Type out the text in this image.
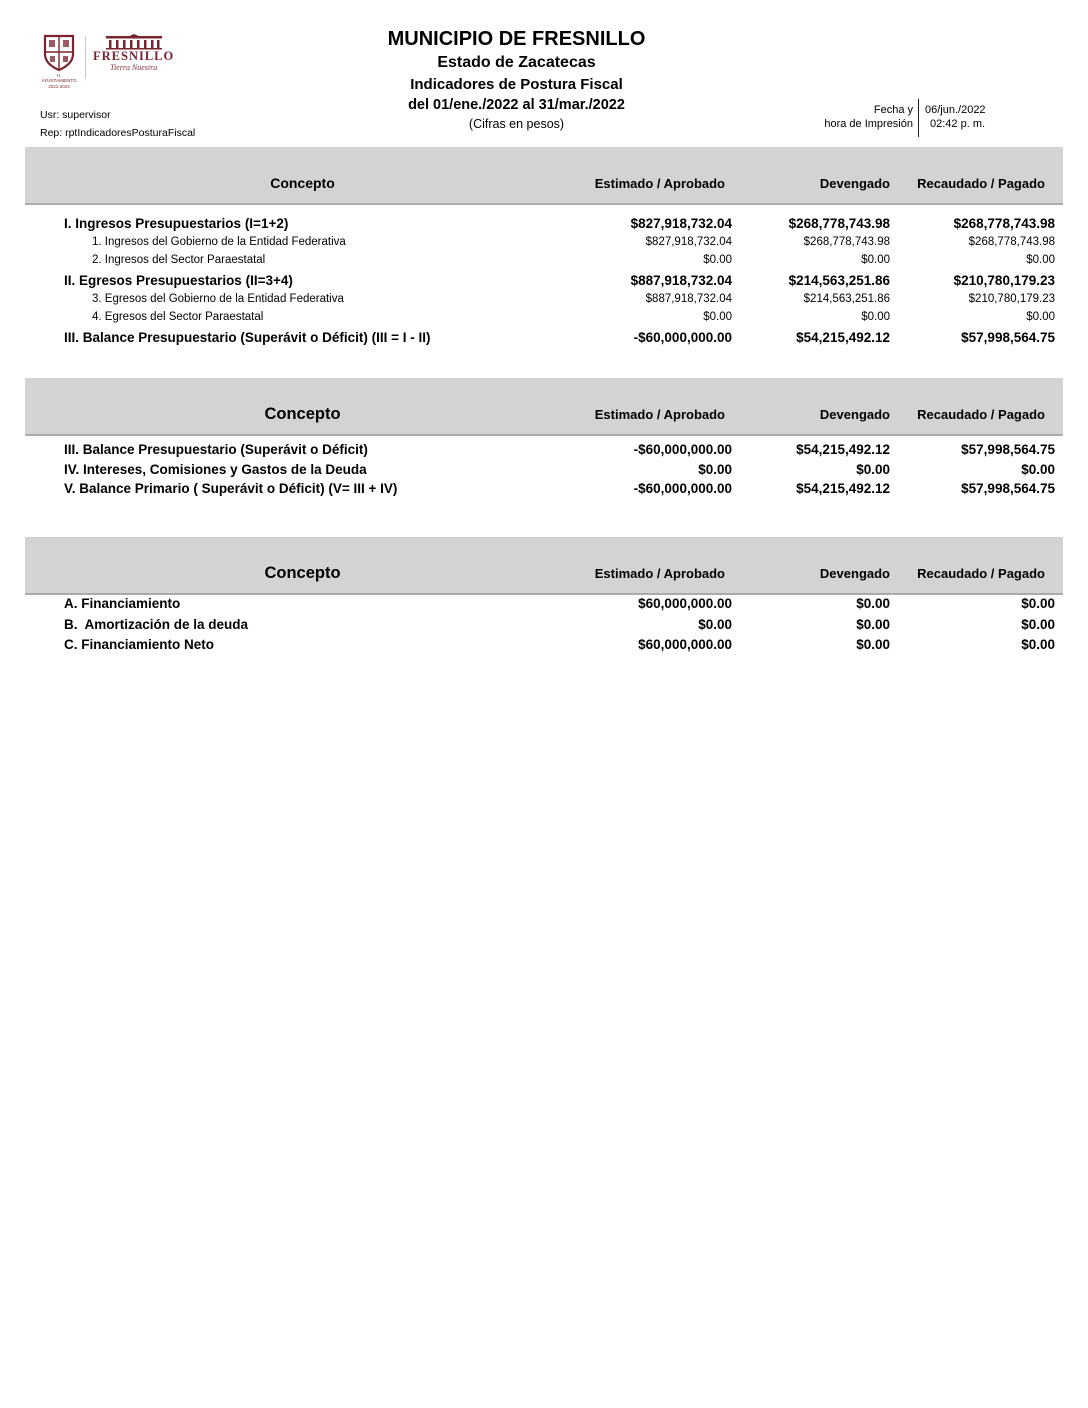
H. AYUNTAMIENTO
2021-2024
FRESNILLO
Tierra Nuestra
MUNICIPIO DE FRESNILLO
Estado de Zacatecas
Indicadores de Postura Fiscal
del 01/ene./2022 al 31/mar./2022
(Cifras en pesos)
Usr: supervisor
Rep: rptIndicadoresPosturaFiscal
Fecha y
hora de Impresión
06/jun./2022
02:42 p. m.
Concepto	Estimado / Aprobado	Devengado	Recaudado / Pagado
I. Ingresos Presupuestarios (I=1+2)	$827,918,732.04	$268,778,743.98	$268,778,743.98
1. Ingresos del Gobierno de la Entidad Federativa	$827,918,732.04	$268,778,743.98	$268,778,743.98
2. Ingresos del Sector Paraestatal	$0.00	$0.00	$0.00
II. Egresos Presupuestarios (II=3+4)	$887,918,732.04	$214,563,251.86	$210,780,179.23
3. Egresos del Gobierno de la Entidad Federativa	$887,918,732.04	$214,563,251.86	$210,780,179.23
4. Egresos del Sector Paraestatal	$0.00	$0.00	$0.00
III. Balance Presupuestario (Superávit o Déficit) (III = I - II)	-$60,000,000.00	$54,215,492.12	$57,998,564.75
Concepto	Estimado / Aprobado	Devengado	Recaudado / Pagado
III. Balance Presupuestario (Superávit o Déficit)	-$60,000,000.00	$54,215,492.12	$57,998,564.75
IV. Intereses, Comisiones y Gastos de la Deuda	$0.00	$0.00	$0.00
V. Balance Primario ( Superávit o Déficit) (V= III + IV)	-$60,000,000.00	$54,215,492.12	$57,998,564.75
Concepto	Estimado / Aprobado	Devengado	Recaudado / Pagado
A. Financiamiento	$60,000,000.00	$0.00	$0.00
B.  Amortización de la deuda	$0.00	$0.00	$0.00
C. Financiamiento Neto	$60,000,000.00	$0.00	$0.00
